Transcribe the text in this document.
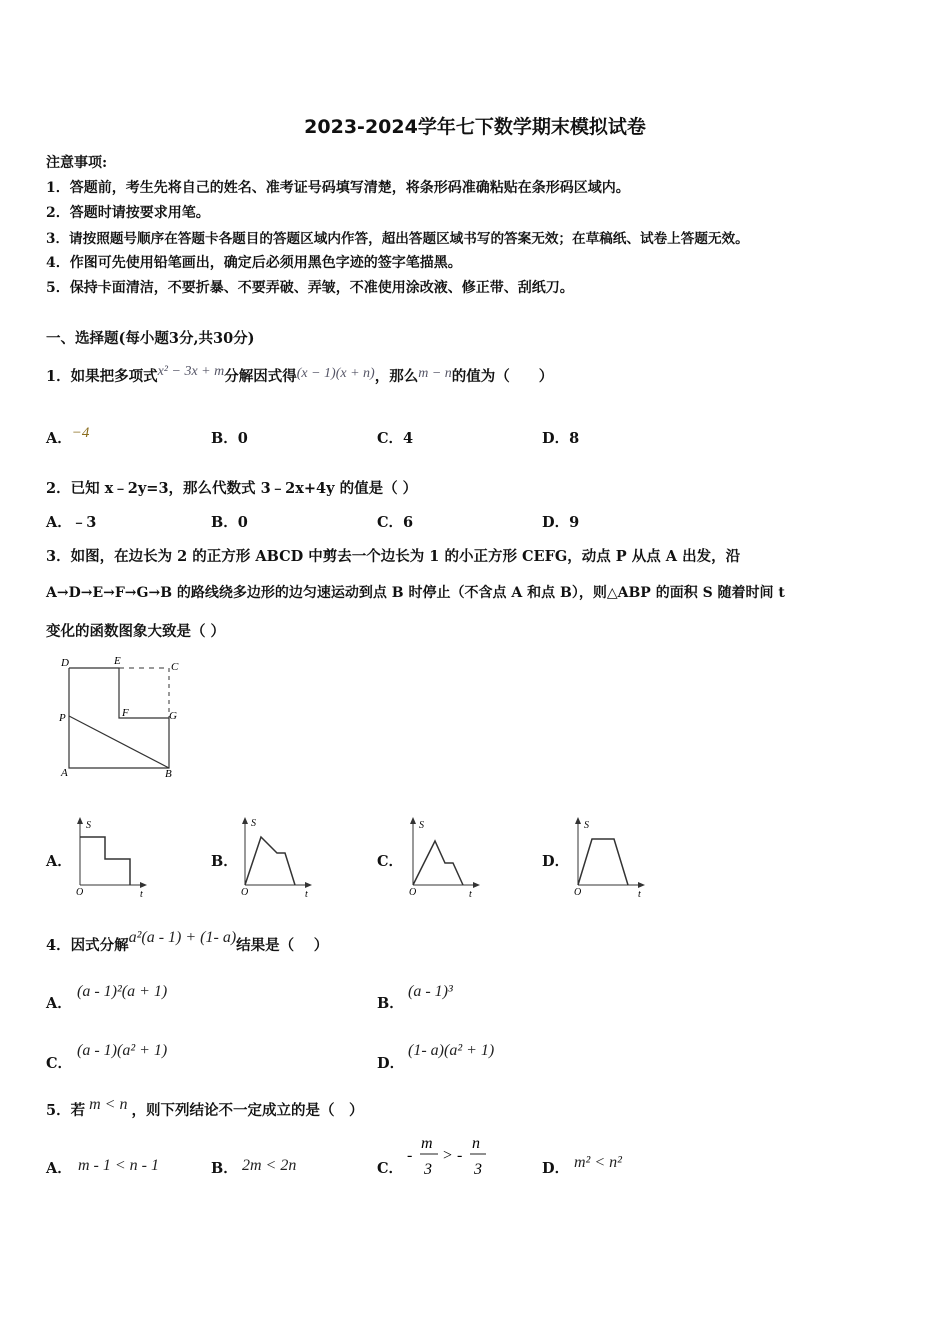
2023-2024学年七下数学期末模拟试卷
注意事项:
1．答题前，考生先将自己的姓名、准考证号码填写清楚，将条形码准确粘贴在条形码区域内。
2．答题时请按要求用笔。
3．请按照题号顺序在答题卡各题目的答题区域内作答，超出答题区域书写的答案无效；在草稿纸、试卷上答题无效。
4．作图可先使用铅笔画出，确定后必须用黑色字迹的签字笔描黑。
5．保持卡面清洁，不要折暴、不要弄破、弄皱，不准使用涂改液、修正带、刮纸刀。
一、选择题(每小题3分,共30分)
1．如果把多项式x² − 3x + m分解因式得(x − 1)(x + n)，那么m − n的值为（　　）
A．−4	B．0	C．4	D．8
2．已知 x﹣2y=3，那么代数式 3﹣2x+4y 的值是（ ）
A．﹣3	B．0	C．6	D．9
3．如图，在边长为 2 的正方形 ABCD 中剪去一个边长为 1 的小正方形 CEFG，动点 P 从点 A 出发，沿
A→D→E→F→G→B 的路线绕多边形的边匀速运动到点 B 时停止（不含点 A 和点 B），则△ABP 的面积 S 随着时间 t
变化的函数图象大致是（ ）
D	E	C
P	F	G
A	B
A．	B．	C．	D．
S
O	t
S
O	t
S
O	t
S
O	t
4．因式分解a²(a - 1) + (1- a)结果是（　 ）
A．
(a - 1)²(a + 1)
B．
(a - 1)³
C．
(a - 1)(a² + 1)
D．
(1- a)(a² + 1)
5．若 m < n ，则下列结论不一定成立的是（　）
A． m - 1 < n - 1	B． 2m < 2n	C．
-
m
3
> -
n
3	D． m² < n²
